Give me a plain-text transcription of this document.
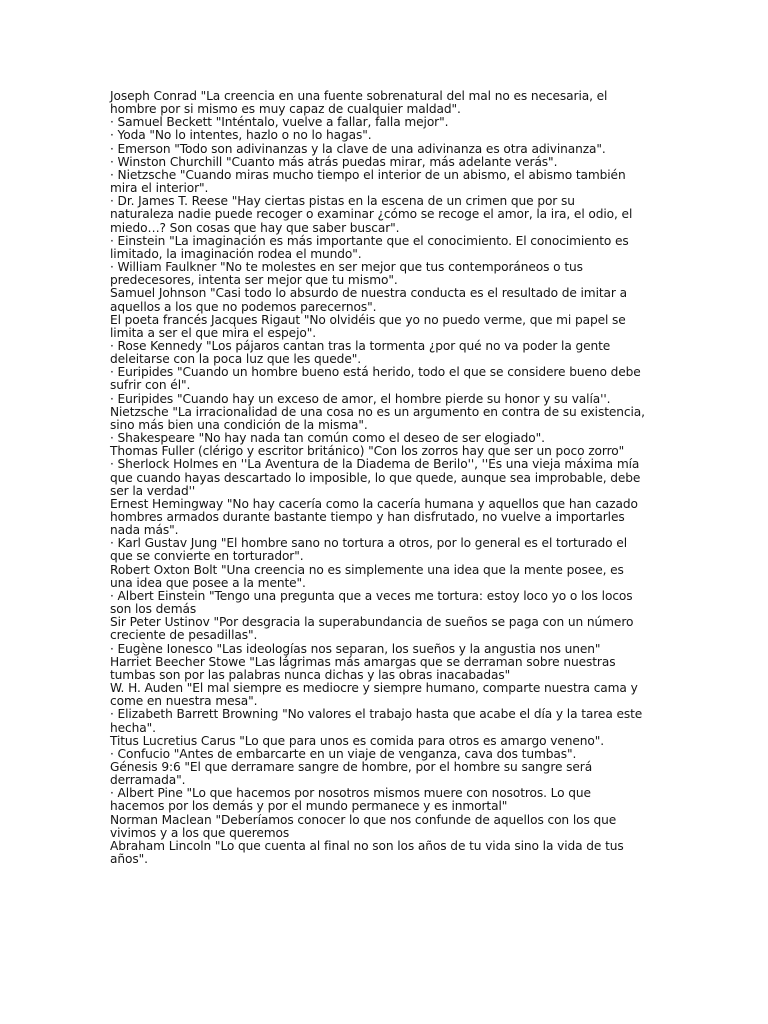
Joseph Conrad "La creencia en una fuente sobrenatural del mal no es necesaria, el

hombre por si mismo es muy capaz de cualquier maldad".

· Samuel Beckett "Inténtalo, vuelve a fallar, falla mejor".

· Yoda "No lo intentes, hazlo o no lo hagas".

· Emerson "Todo son adivinanzas y la clave de una adivinanza es otra adivinanza".

· Winston Churchill "Cuanto más atrás puedas mirar, más adelante verás".

· Nietzsche "Cuando miras mucho tiempo el interior de un abismo, el abismo también

mira el interior".

· Dr. James T. Reese "Hay ciertas pistas en la escena de un crimen que por su

naturaleza nadie puede recoger o examinar ¿cómo se recoge el amor, la ira, el odio, el

miedo…? Son cosas que hay que saber buscar".

· Einstein "La imaginación es más importante que el conocimiento. El conocimiento es

limitado, la imaginación rodea el mundo".

· William Faulkner "No te molestes en ser mejor que tus contemporáneos o tus

predecesores, intenta ser mejor que tu mismo".

Samuel Johnson "Casi todo lo absurdo de nuestra conducta es el resultado de imitar a

aquellos a los que no podemos parecernos".

El poeta francés Jacques Rigaut "No olvidéis que yo no puedo verme, que mi papel se

limita a ser el que mira el espejo".

· Rose Kennedy "Los pájaros cantan tras la tormenta ¿por qué no va poder la gente

deleitarse con la poca luz que les quede".

· Euripides "Cuando un hombre bueno está herido, todo el que se considere bueno debe

sufrir con él".

· Euripides "Cuando hay un exceso de amor, el hombre pierde su honor y su valía''.

Nietzsche "La irracionalidad de una cosa no es un argumento en contra de su existencia,

sino más bien una condición de la misma".

· Shakespeare "No hay nada tan común como el deseo de ser elogiado".

Thomas Fuller (clérigo y escritor británico) "Con los zorros hay que ser un poco zorro"

· Sherlock Holmes en ''La Aventura de la Diadema de Berilo'', ''Es una vieja máxima mía

que cuando hayas descartado lo imposible, lo que quede, aunque sea improbable, debe

ser la verdad''

Ernest Hemingway "No hay cacería como la cacería humana y aquellos que han cazado

hombres armados durante bastante tiempo y han disfrutado, no vuelve a importarles

nada más".

· Karl Gustav Jung "El hombre sano no tortura a otros, por lo general es el torturado el

que se convierte en torturador".

Robert Oxton Bolt "Una creencia no es simplemente una idea que la mente posee, es

una idea que posee a la mente".

· Albert Einstein "Tengo una pregunta que a veces me tortura: estoy loco yo o los locos

son los demás

Sir Peter Ustinov "Por desgracia la superabundancia de sueños se paga con un número

creciente de pesadillas".

· Eugène Ionesco "Las ideologías nos separan, los sueños y la angustia nos unen"

Harriet Beecher Stowe "Las lágrimas más amargas que se derraman sobre nuestras

tumbas son por las palabras nunca dichas y las obras inacabadas"

W. H. Auden "El mal siempre es mediocre y siempre humano, comparte nuestra cama y

come en nuestra mesa".

· Elizabeth Barrett Browning "No valores el trabajo hasta que acabe el día y la tarea este

hecha".

Titus Lucretius Carus "Lo que para unos es comida para otros es amargo veneno".

· Confucio "Antes de embarcarte en un viaje de venganza, cava dos tumbas".

Génesis 9:6 "El que derramare sangre de hombre, por el hombre su sangre será

derramada".

· Albert Pine "Lo que hacemos por nosotros mismos muere con nosotros. Lo que

hacemos por los demás y por el mundo permanece y es inmortal"

Norman Maclean "Deberíamos conocer lo que nos confunde de aquellos con los que

vivimos y a los que queremos

Abraham Lincoln "Lo que cuenta al final no son los años de tu vida sino la vida de tus

años".
